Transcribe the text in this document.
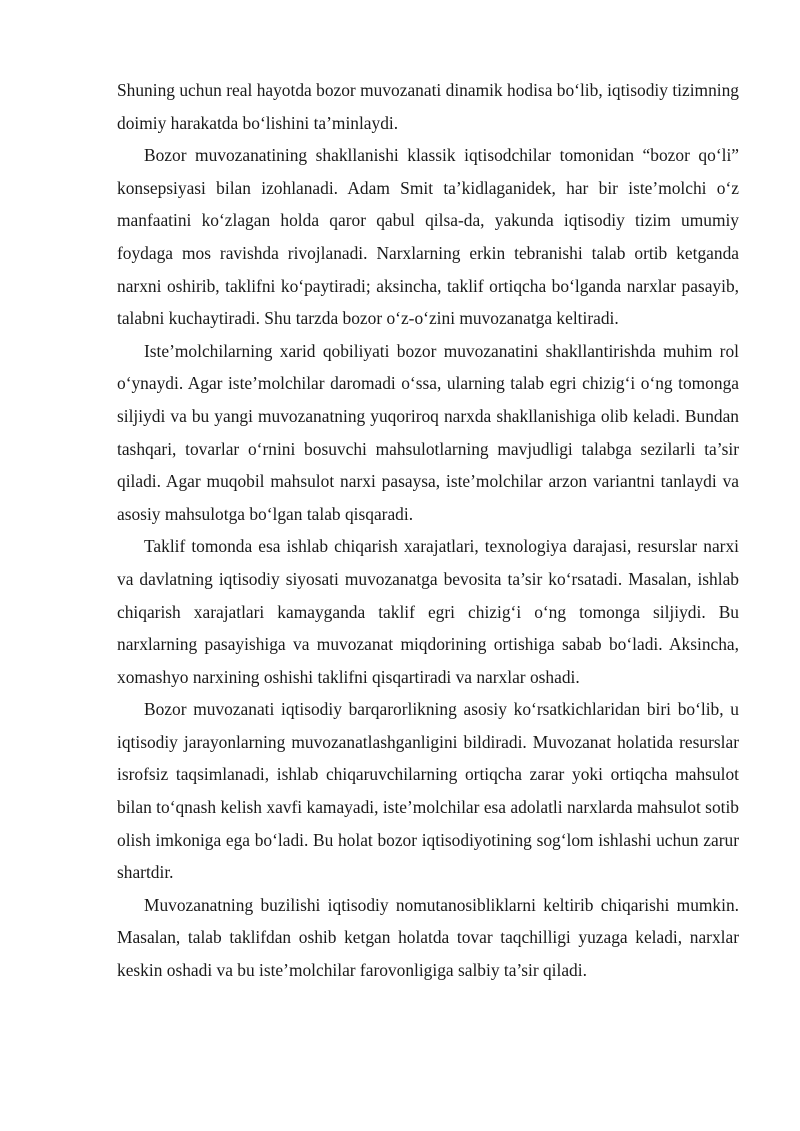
Shuning uchun real hayotda bozor muvozanati dinamik hodisa bo‘lib, iqtisodiy tizimning doimiy harakatda bo‘lishini ta’minlaydi.

Bozor muvozanatining shakllanishi klassik iqtisodchilar tomonidan “bozor qo‘li” konsepsiyasi bilan izohlanadi. Adam Smit ta’kidlaganidek, har bir iste’molchi o‘z manfaatini ko‘zlagan holda qaror qabul qilsa-da, yakunda iqtisodiy tizim umumiy foydaga mos ravishda rivojlanadi. Narxlarning erkin tebranishi talab ortib ketganda narxni oshirib, taklifni ko‘paytiradi; aksincha, taklif ortiqcha bo‘lganda narxlar pasayib, talabni kuchaytiradi. Shu tarzda bozor o‘z-o‘zini muvozanatga keltiradi.

Iste’molchilarning xarid qobiliyati bozor muvozanatini shakllantirishda muhim rol o‘ynaydi. Agar iste’molchilar daromadi o‘ssa, ularning talab egri chizig‘i o‘ng tomonga siljiydi va bu yangi muvozanatning yuqoriroq narxda shakllanishiga olib keladi. Bundan tashqari, tovarlar o‘rnini bosuvchi mahsulotlarning mavjudligi talabga sezilarli ta’sir qiladi. Agar muqobil mahsulot narxi pasaysa, iste’molchilar arzon variantni tanlaydi va asosiy mahsulotga bo‘lgan talab qisqaradi.

Taklif tomonda esa ishlab chiqarish xarajatlari, texnologiya darajasi, resurslar narxi va davlatning iqtisodiy siyosati muvozanatga bevosita ta’sir ko‘rsatadi. Masalan, ishlab chiqarish xarajatlari kamayganda taklif egri chizig‘i o‘ng tomonga siljiydi. Bu narxlarning pasayishiga va muvozanat miqdorining ortishiga sabab bo‘ladi. Aksincha, xomashyo narxining oshishi taklifni qisqartiradi va narxlar oshadi.

Bozor muvozanati iqtisodiy barqarorlikning asosiy ko‘rsatkichlaridan biri bo‘lib, u iqtisodiy jarayonlarning muvozanatlashganligini bildiradi. Muvozanat holatida resurslar isrofsiz taqsimlanadi, ishlab chiqaruvchilarning ortiqcha zarar yoki ortiqcha mahsulot bilan to‘qnash kelish xavfi kamayadi, iste’molchilar esa adolatli narxlarda mahsulot sotib olish imkoniga ega bo‘ladi. Bu holat bozor iqtisodiyotining sog‘lom ishlashi uchun zarur shartdir.

Muvozanatning buzilishi iqtisodiy nomutanosibliklarni keltirib chiqarishi mumkin. Masalan, talab taklifdan oshib ketgan holatda tovar taqchilligi yuzaga keladi, narxlar keskin oshadi va bu iste’molchilar farovonligiga salbiy ta’sir qiladi.
